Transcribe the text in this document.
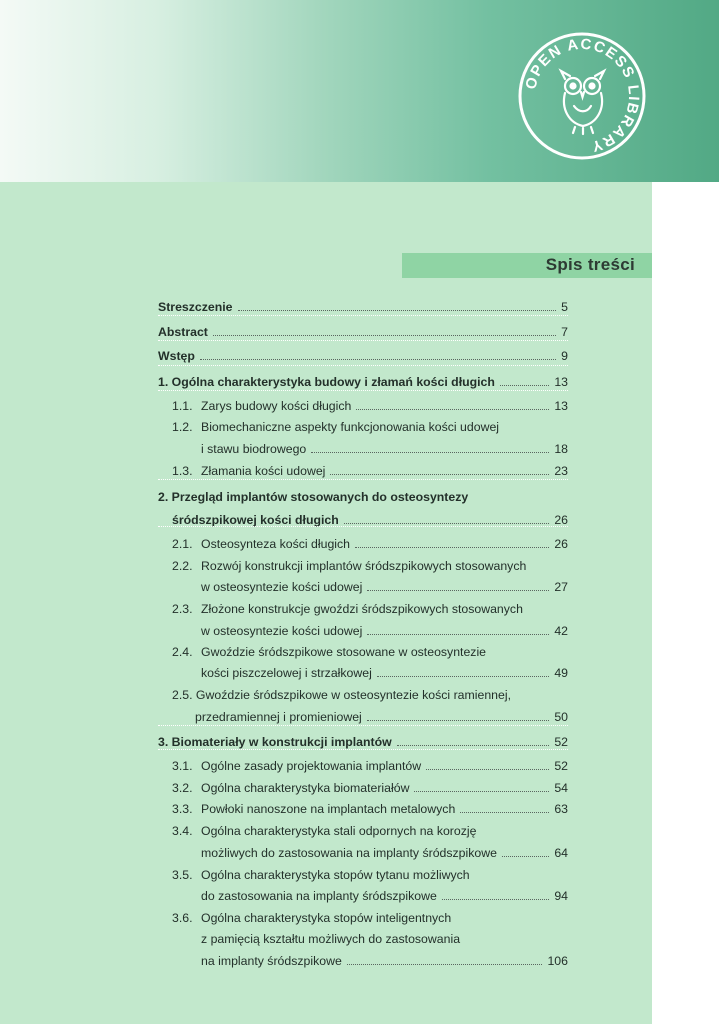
OPEN ACCESS LIBRARY
Spis treści
Streszczenie	5
Abstract	7
Wstęp	9
1. Ogólna charakterystyka budowy i złamań kości długich	13
1.1. Zarys budowy kości długich	13
1.2. Biomechaniczne aspekty funkcjonowania kości udowej
i stawu biodrowego	18
1.3. Złamania kości udowej	23
2. Przegląd implantów stosowanych do osteosyntezy
śródszpikowej kości długich	26
2.1. Osteosynteza kości długich	26
2.2. Rozwój konstrukcji implantów śródszpikowych stosowanych
w osteosyntezie kości udowej	27
2.3. Złożone konstrukcje gwoździ śródszpikowych stosowanych
w osteosyntezie kości udowej	42
2.4. Gwoździe śródszpikowe stosowane w osteosyntezie
kości piszczelowej i strzałkowej	49
2.5. Gwoździe śródszpikowe w osteosyntezie kości ramiennej,
przedramiennej i promieniowej	50
3. Biomateriały w konstrukcji implantów	52
3.1. Ogólne zasady projektowania implantów	52
3.2. Ogólna charakterystyka biomateriałów	54
3.3. Powłoki nanoszone na implantach metalowych	63
3.4. Ogólna charakterystyka stali odpornych na korozję
możliwych do zastosowania na implanty śródszpikowe	64
3.5. Ogólna charakterystyka stopów tytanu możliwych
do zastosowania na implanty śródszpikowe	94
3.6. Ogólna charakterystyka stopów inteligentnych
z pamięcią kształtu możliwych do zastosowania
na implanty śródszpikowe	106
